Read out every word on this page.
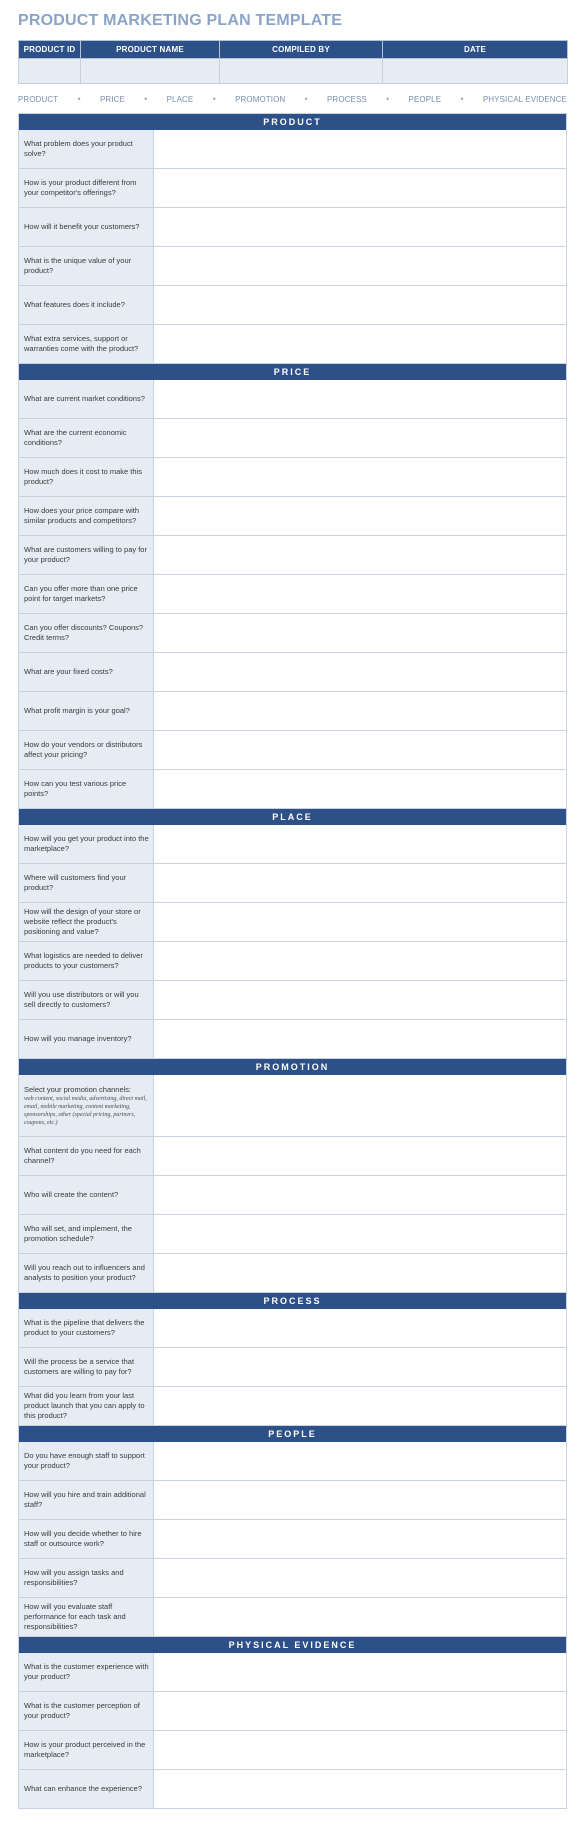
PRODUCT MARKETING PLAN TEMPLATE
PRODUCT ID	PRODUCT NAME	COMPILED BY	DATE

PRODUCT • PRICE • PLACE • PROMOTION • PROCESS • PEOPLE • PHYSICAL EVIDENCE
PRODUCT
What problem does your product solve?
How is your product different from your competitor's offerings?
How will it benefit your customers?
What is the unique value of your product?
What features does it include?
What extra services, support or warranties come with the product?
PRICE
What are current market conditions?
What are the current economic conditions?
How much does it cost to make this product?
How does your price compare with similar products and competitors?
What are customers willing to pay for your product?
Can you offer more than one price point for target markets?
Can you offer discounts? Coupons? Credit terms?
What are your fixed costs?
What profit margin is your goal?
How do your vendors or distributors affect your pricing?
How can you test various price points?
PLACE
How will you get your product into the marketplace?
Where will customers find your product?
How will the design of your store or website reflect the product's positioning and value?
What logistics are needed to deliver products to your customers?
Will you use distributors or will you sell directly to customers?
How will you manage inventory?
PROMOTION
Select your promotion channels:
web content, social media, advertising, direct mail, email, mobile marketing, content marketing, sponsorships, other (special pricing, partners, coupons, etc.)
What content do you need for each channel?
Who will create the content?
Who will set, and implement, the promotion schedule?
Will you reach out to influencers and analysts to position your product?
PROCESS
What is the pipeline that delivers the product to your customers?
Will the process be a service that customers are willing to pay for?
What did you learn from your last product launch that you can apply to this product?
PEOPLE
Do you have enough staff to support your product?
How will you hire and train additional staff?
How will you decide whether to hire staff or outsource work?
How will you assign tasks and responsibilities?
How will you evaluate staff performance for each task and responsibilities?
PHYSICAL EVIDENCE
What is the customer experience with your product?
What is the customer perception of your product?
How is your product perceived in the marketplace?
What can enhance the experience?
